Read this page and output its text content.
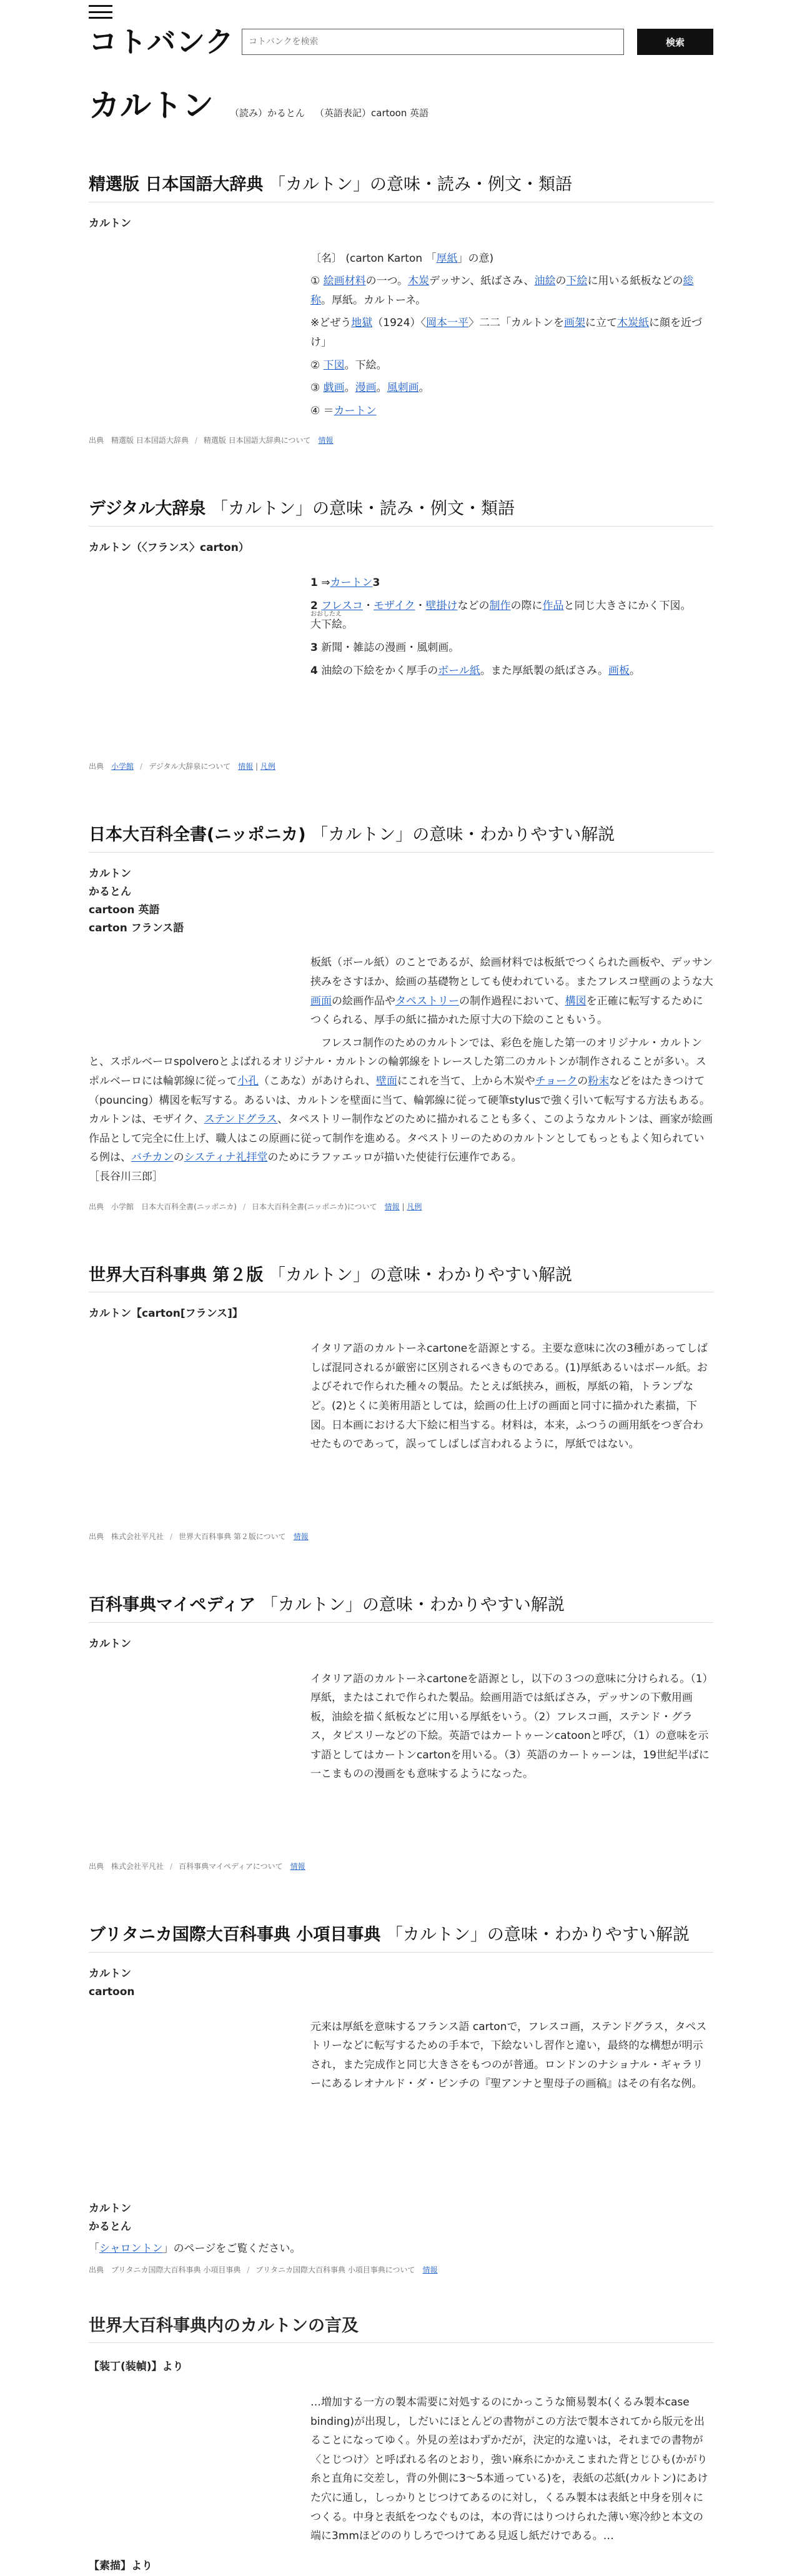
コトバンク
コトバンクを検索	検索
カルトン （読み）かるとん （英語表記）cartoon 英語
精選版 日本国語大辞典 「カルトン」の意味・読み・例文・類語
カルトン

〔名〕 (carton Karton 「厚紙」の意)

① 絵画材料の一つ。木炭デッサン、紙ばさみ、油絵の下絵に用いる紙板などの総称。厚紙。カルトーネ。

※どぜう地獄（1924）〈岡本一平〉二二「カルトンを画架に立て木炭紙に顔を近づけ」

② 下図。下絵。

③ 戯画。漫画。風刺画。

④ ＝カートン

出典　 精選版 日本国語大辞典 / 精選版 日本国語大辞典について　 情報
デジタル大辞泉 「カルトン」の意味・読み・例文・類語
カルトン（〈フランス〉carton）

1 ⇒カートン3

2 フレスコ・モザイク・壁掛けなどの制作の際に作品と同じ大きさにかく下図。
おおしたえ
大下絵。

3 新聞・雑誌の漫画・風刺画。

4 油絵の下絵をかく厚手のボール紙。また厚紙製の紙ばさみ。画板。

出典　 小学館 / デジタル大辞泉について　 情報 | 凡例
日本大百科全書(ニッポニカ) 「カルトン」の意味・わかりやすい解説
カルトン
かるとん
cartoon 英語
carton フランス語

板紙（ボール紙）のことであるが、絵画材料では板紙でつくられた画板や、デッサン挟みをさすほか、絵画の基礎物としても使われている。またフレスコ壁画のような大画面の絵画作品やタペストリーの制作過程において、構図を正確に転写するためにつくられる、厚手の紙に描かれた原寸大の下絵のこともいう。

　フレスコ制作のためのカルトンでは、彩色を施した第一のオリジナル・カルトンと、スポルベーロspolveroとよばれるオリジナル・カルトンの輪郭線をトレースした第二のカルトンが制作されることが多い。スポルベーロには輪郭線に従って小孔（こあな）があけられ、壁面にこれを当て、上から木炭やチョークの粉末などをはたきつけて（pouncing）構図を転写する。あるいは、カルトンを壁面に当て、輪郭線に従って硬筆stylusで強く引いて転写する方法もある。カルトンは、モザイク、ステンドグラス、タペストリー制作などのために描かれることも多く、このようなカルトンは、画家が絵画作品として完全に仕上げ、職人はこの原画に従って制作を進める。タペストリーのためのカルトンとしてもっともよく知られている例は、バチカンのシスティナ礼拝堂のためにラファエッロが描いた使徒行伝連作である。

［長谷川三郎］

出典　 小学館　 日本大百科全書(ニッポニカ) / 日本大百科全書(ニッポニカ)について　 情報 | 凡例
世界大百科事典 第２版 「カルトン」の意味・わかりやすい解説
カルトン【carton[フランス]】
イタリア語のカルトーネcartoneを語源とする。主要な意味に次の3種があってしばしば混同されるが厳密に区別されるべきものである。(1)厚紙あるいはボール紙。およびそれで作られた種々の製品。たとえば紙挟み，画板，厚紙の箱，トランプなど。(2)とくに美術用語としては，絵画の仕上げの画面と同寸に描かれた素描，下図。日本画における大下絵に相当する。材料は，本来，ふつうの画用紙をつぎ合わせたものであって，誤ってしばしば言われるように，厚紙ではない。
出典　 株式会社平凡社 / 世界大百科事典 第２版について　 情報
百科事典マイペディア 「カルトン」の意味・わかりやすい解説
カルトン
イタリア語のカルトーネcartoneを語源とし，以下の３つの意味に分けられる。（1）厚紙，またはこれで作られた製品。絵画用語では紙ばさみ，デッサンの下敷用画板，油絵を描く紙板などに用いる厚紙をいう。（2）フレスコ画，ステンド・グラス，タピスリーなどの下絵。英語ではカートゥーンcatoonと呼び，（1）の意味を示す語としてはカートンcartonを用いる。（3）英語のカートゥーンは，19世紀半ばに一こまものの漫画をも意味するようになった。
出典　 株式会社平凡社 / 百科事典マイペディアについて　 情報
ブリタニカ国際大百科事典 小項目事典 「カルトン」の意味・わかりやすい解説
カルトン
cartoon
元来は厚紙を意味するフランス語 cartonで，フレスコ画，ステンドグラス，タペストリーなどに転写するための手本で，下絵ないし習作と違い，最終的な構想が明示され，また完成作と同じ大きさをもつのが普通。ロンドンのナショナル・ギャラリーにあるレオナルド・ダ・ビンチの『聖アンナと聖母子の画稿』はその有名な例。
カルトン
かるとん
「シャロントン」のページをご覧ください。
出典　 ブリタニカ国際大百科事典 小項目事典 / ブリタニカ国際大百科事典 小項目事典について　 情報
世界大百科事典内のカルトンの言及
【装丁(装幀)】より
…増加する一方の製本需要に対処するのにかっこうな簡易製本(くるみ製本case binding)が出現し，しだいにほとんどの書物がこの方法で製本されてから版元を出ることになってゆく。外見の差はわずかだが，決定的な違いは，それまでの書物が〈とじつけ〉と呼ばれる名のとおり，強い麻糸にかかえこまれた背とじひも(かがり糸と直角に交差し，背の外側に3～5本通っている)を，表紙の芯紙(カルトン)にあけた穴に通し，しっかりとじつけてあるのに対し，くるみ製本は表紙と中身を別々につくる。中身と表紙をつなぐものは，本の背にはりつけられた薄い寒冷紗と本文の端に3mmほどののりしろでつけてある見返し紙だけである。…
【素描】より
